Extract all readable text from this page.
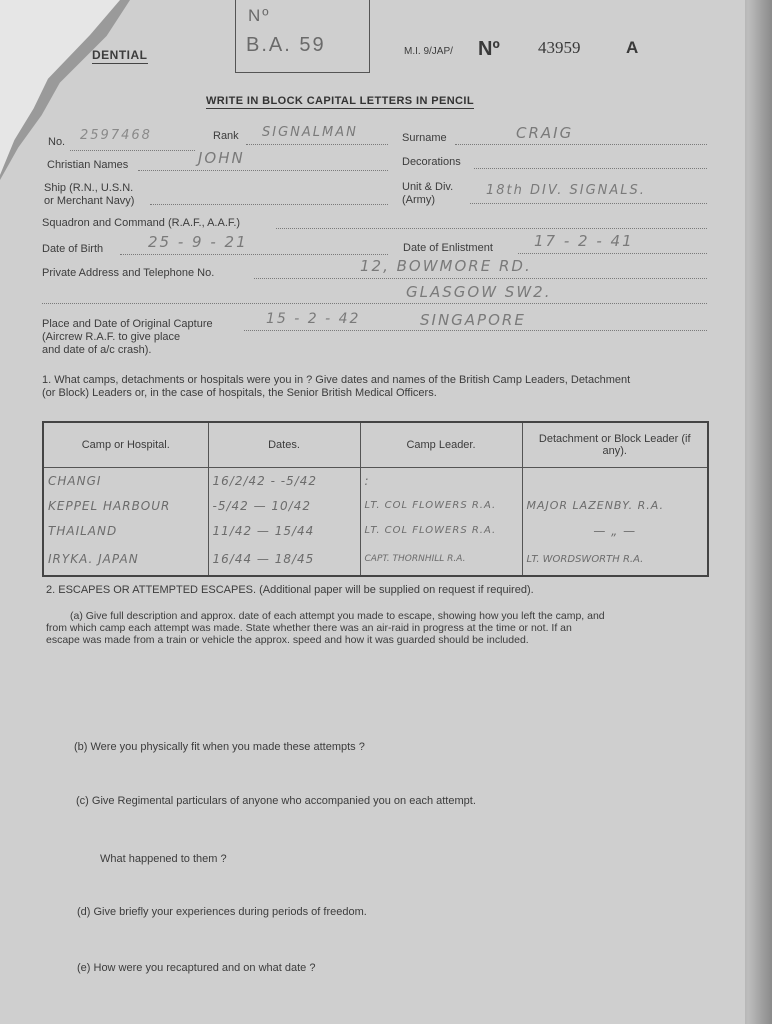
DENTIAL
Nº
B.A. 59	M.I. 9/JAP/ Nº 43959	A
WRITE IN BLOCK CAPITAL LETTERS IN PENCIL
No. 2597468	Rank SIGNALMAN	Surname	CRAIG
Christian Names	JOHN	Decorations
Ship (R.N., U.S.N.
or Merchant Navy)
Unit & Div.
(Army)
18th DIV. SIGNALS.
Squadron and Command (R.A.F., A.A.F.)
Date of Birth	25 - 9 - 21	Date of Enlistment	17 - 2 - 41
Private Address and Telephone No.	12, BOWMORE RD.
GLASGOW SW2.
Place and Date of Original Capture
(Aircrew R.A.F. to give place
and date of a/c crash).
15 - 2 - 42	SINGAPORE
1. What camps, detachments or hospitals were you in ? Give dates and names of the British Camp Leaders, Detachment
(or Block) Leaders or, in the case of hospitals, the Senior British Medical Officers.
Camp or Hospital.	Dates.	Camp Leader.	Detachment or Block Leader (if any).
CHANGI	16/2/42 - -5/42	:	
KEPPEL HARBOUR	-5/42 — 10/42	LT. COL FLOWERS R.A.	MAJOR LAZENBY. R.A.
THAILAND	11/42 — 15/44	LT. COL FLOWERS R.A.	— „ —
IRYKA. JAPAN	16/44 — 18/45	CAPT. THORNHILL R.A.	LT. WORDSWORTH R.A.
2. ESCAPES OR ATTEMPTED ESCAPES. (Additional paper will be supplied on request if required).
(a) Give full description and approx. date of each attempt you made to escape, showing how you left the camp, and
from which camp each attempt was made. State whether there was an air-raid in progress at the time or not. If an
escape was made from a train or vehicle the approx. speed and how it was guarded should be included.
(b) Were you physically fit when you made these attempts ?
(c) Give Regimental particulars of anyone who accompanied you on each attempt.
What happened to them ?
(d) Give briefly your experiences during periods of freedom.
(e) How were you recaptured and on what date ?
